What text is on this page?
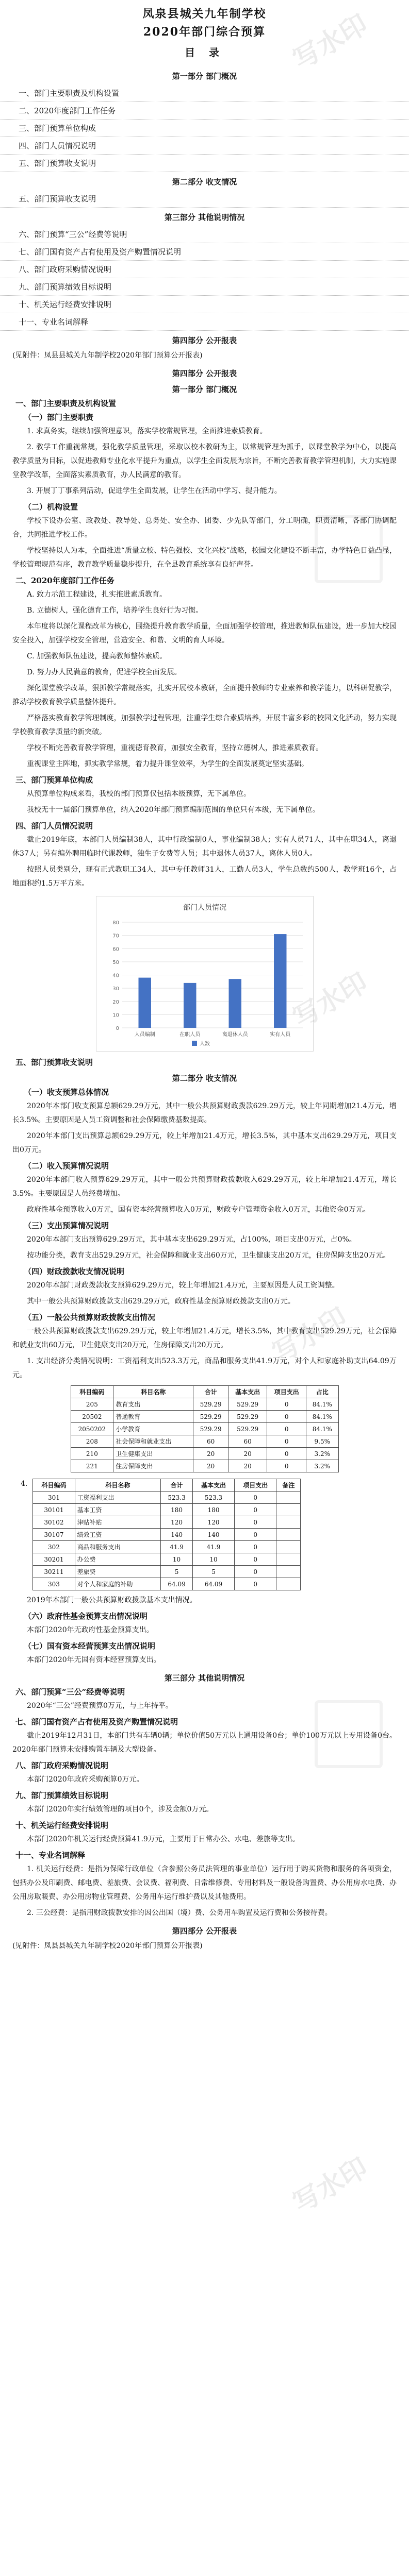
凤泉县城关九年制学校
2020年部门综合预算
目 录
第一部分 部门概况
一、部门主要职责及机构设置
二、2020年度部门工作任务
三、部门预算单位构成
四、部门人员情况说明
五、部门预算收支说明
第二部分 收支情况
五、部门预算收支说明
第三部分 其他说明情况
六、部门预算“三公”经费等说明
七、部门国有资产占有使用及资产购置情况说明
八、部门政府采购情况说明
九、部门预算绩效目标说明
十、机关运行经费安排说明
十一、专业名词解释
第四部分 公开报表

(见附件：凤县县城关九年制学校2020年部门预算公开报表)

第四部分 公开报表
第一部分 部门概况
一、部门主要职责及机构设置
（一）部门主要职责

1. 求真务实，继续加强管理意识，落实学校常规管理，全面推进素质教育。

2. 教学工作重视常规，强化教学质量管理，采取以校本教研为主，以常规管理为抓手，以课堂教学为中心，以提高教学质量为目标，以促进教师专业化水平提升为重点，以学生全面发展为宗旨，不断完善教育教学管理机制，大力实施课堂教学改革，全面落实素质教育，办人民满意的教育。

3. 开展丁丁事系列活动，促进学生全面发展，让学生在活动中学习、提升能力。

（二）机构设置

学校下设办公室、政教处、教导处、总务处、安全办、团委、少先队等部门，分工明确，职责清晰，各部门协调配合，共同推进学校工作。

学校坚持以人为本，全面推进“质量立校、特色强校、文化兴校”战略，校园文化建设不断丰富，办学特色日益凸显，学校管理规范有序，教育教学质量稳步提升，在全县教育系统享有良好声誉。

二、2020年度部门工作任务

A. 致力示范工程建设，扎实推进素质教育。

B. 立德树人，强化德育工作，培养学生良好行为习惯。

本年度将以深化课程改革为核心，围绕提升教育教学质量，全面加强学校管理，推进教师队伍建设，进一步加大校园安全投入，加强学校安全管理，营造安全、和谐、文明的育人环境。

C. 加强教师队伍建设，提高教师整体素质。

D. 努力办人民满意的教育，促进学校全面发展。

深化课堂教学改革，狠抓教学常规落实，扎实开展校本教研，全面提升教师的专业素养和教学能力，以科研促教学，推动学校教育教学质量整体提升。

严格落实教育教学管理制度，加强教学过程管理，注重学生综合素质培养，开展丰富多彩的校园文化活动，努力实现学校教育教学质量的新突破。

学校不断完善教育教学管理，重视德育教育，加强安全教育，坚持立德树人，推进素质教育。

重视课堂主阵地，抓实教学常规，着力提升课堂效率，为学生的全面发展奠定坚实基础。

三、部门预算单位构成

从预算单位构成来看，我校的部门预算仅包括本级预算，无下属单位。

我校无十一届部门预算单位，纳入2020年部门预算编制范围的单位只有本级，无下属单位。

四、部门人员情况说明

截止2019年底，本部门人员编制38人，其中行政编制0人，事业编制38人；实有人员71人，其中在职34人，离退休37人；另有编外聘用临时代课教师，独生子女费等人员；其中退休人员37人，离休人员0人。

按照人员类别分，现有正式教职工34人，其中专任教师31人，工勤人员3人，学生总数约500人，教学班16个，占地面积约1.5万平方米。

部门人员情况
人数
人员编制	在职人员	离退休人员	实有人员
0
10
20
30
40
50
60
70
80
五、部门预算收支说明
第二部分 收支情况
（一）收支预算总体情况

2020年本部门收支预算总额629.29万元，其中一般公共预算财政拨款629.29万元，较上年同期增加21.4万元，增长3.5%。主要原因是人员工资调整和社会保障缴费基数提高。

2020年本部门支出预算总额629.29万元，较上年增加21.4万元，增长3.5%，其中基本支出629.29万元，项目支出0万元。

（二）收入预算情况说明

2020年本部门收入预算629.29万元，其中一般公共预算财政拨款收入629.29万元，较上年增加21.4万元，增长3.5%。主要原因是人员经费增加。

政府性基金预算收入0万元，国有资本经营预算收入0万元，财政专户管理资金收入0万元，其他资金0万元。

（三）支出预算情况说明

2020年本部门支出预算629.29万元，其中基本支出629.29万元，占100%，项目支出0万元，占0%。

按功能分类，教育支出529.29万元，社会保障和就业支出60万元，卫生健康支出20万元，住房保障支出20万元。

（四）财政拨款收支情况说明

2020年本部门财政拨款收支预算629.29万元，较上年增加21.4万元，主要原因是人员工资调整。

其中一般公共预算财政拨款支出629.29万元，政府性基金预算财政拨款支出0万元。

（五）一般公共预算财政拨款支出情况

一般公共预算财政拨款支出629.29万元，较上年增加21.4万元，增长3.5%，其中教育支出529.29万元，社会保障和就业支出60万元，卫生健康支出20万元，住房保障支出20万元。

1. 支出经济分类情况说明：工资福利支出523.3万元，商品和服务支出41.9万元，对个人和家庭补助支出64.09万元。

科目编码	科目名称	合计	基本支出	项目支出	占比
205	教育支出	529.29	529.29	0	84.1%
20502	普通教育	529.29	529.29	0	84.1%
2050202	小学教育	529.29	529.29	0	84.1%
208	社会保障和就业支出	60	60	0	9.5%
210	卫生健康支出	20	20	0	3.2%
221	住房保障支出	20	20	0	3.2%
4. 科目编码	科目名称	合计	基本支出	项目支出	备注
301	工资福利支出	523.3	523.3	0	
30101	基本工资	180	180	0	
30102	津贴补贴	120	120	0	
30107	绩效工资	140	140	0	
302	商品和服务支出	41.9	41.9	0	
30201	办公费	10	10	0	
30211	差旅费	5	5	0	
303	对个人和家庭的补助	64.09	64.09	0	

2019年本部门一般公共预算财政拨款基本支出情况。

（六）政府性基金预算支出情况说明

本部门2020年无政府性基金预算支出。

（七）国有资本经营预算支出情况说明

本部门2020年无国有资本经营预算支出。

第三部分 其他说明情况
六、部门预算“三公”经费等说明

2020年“三公”经费预算0万元，与上年持平。

七、部门国有资产占有使用及资产购置情况说明

截止2019年12月31日，本部门共有车辆0辆；单位价值50万元以上通用设备0台；单价100万元以上专用设备0台。2020年部门预算未安排购置车辆及大型设备。

八、部门政府采购情况说明

本部门2020年政府采购预算0万元。

九、部门预算绩效目标说明

本部门2020年实行绩效管理的项目0个，涉及金额0万元。

十、机关运行经费安排说明

本部门2020年机关运行经费预算41.9万元，主要用于日常办公、水电、差旅等支出。

十一、专业名词解释

1. 机关运行经费：是指为保障行政单位（含参照公务员法管理的事业单位）运行用于购买货物和服务的各项资金，包括办公及印刷费、邮电费、差旅费、会议费、福利费、日常维修费、专用材料及一般设备购置费、办公用房水电费、办公用房取暖费、办公用房物业管理费、公务用车运行维护费以及其他费用。

2. 三公经费：是指用财政拨款安排的因公出国（境）费、公务用车购置及运行费和公务接待费。

第四部分 公开报表

(见附件：凤县县城关九年制学校2020年部门预算公开报表)

写水印
写水印
写水印
写水印
